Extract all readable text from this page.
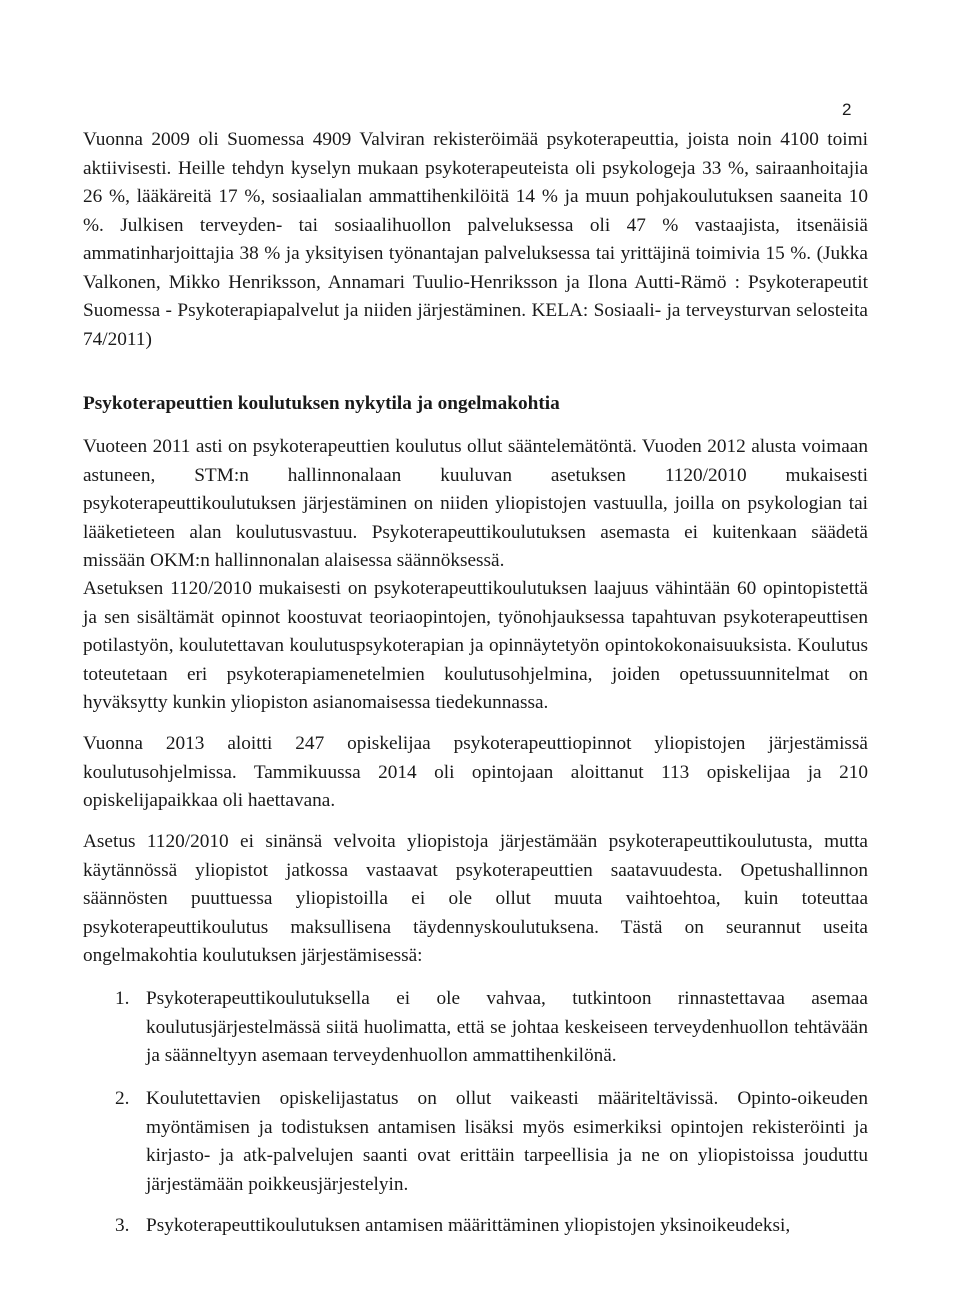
2

Vuonna 2009 oli Suomessa 4909 Valviran rekisteröimää psykoterapeuttia, joista noin 4100 toimi aktiivisesti. Heille tehdyn kyselyn mukaan psykoterapeuteista oli psykologeja 33 %, sairaanhoitajia 26 %, lääkäreitä 17 %, sosiaalialan ammattihenkilöitä 14 % ja muun pohjakoulutuksen saaneita 10 %. Julkisen terveyden- tai sosiaalihuollon palveluksessa oli 47 % vastaajista, itsenäisiä ammatinharjoittajia 38 % ja yksityisen työnantajan palveluksessa tai yrittäjinä toimivia 15 %. (Jukka Valkonen, Mikko Henriksson, Annamari Tuulio-Henriksson ja Ilona Autti-Rämö : Psykoterapeutit Suomessa - Psykoterapiapalvelut ja niiden järjestäminen. KELA: Sosiaali- ja terveysturvan selosteita 74/2011)

Psykoterapeuttien koulutuksen nykytila ja ongelmakohtia

Vuoteen 2011 asti on psykoterapeuttien koulutus ollut sääntelemätöntä. Vuoden 2012 alusta voimaan astuneen, STM:n hallinnonalaan kuuluvan asetuksen 1120/2010 mukaisesti psykoterapeuttikoulutuksen järjestäminen on niiden yliopistojen vastuulla, joilla on psykologian tai lääketieteen alan koulutusvastuu. Psykoterapeuttikoulutuksen asemasta ei kuitenkaan säädetä missään OKM:n hallinnonalan alaisessa säännöksessä.

Asetuksen 1120/2010 mukaisesti on psykoterapeuttikoulutuksen laajuus vähintään 60 opintopistettä ja sen sisältämät opinnot koostuvat teoriaopintojen, työnohjauksessa tapahtuvan psykoterapeuttisen potilastyön, koulutettavan koulutuspsykoterapian ja opinnäytetyön opintokokonaisuuksista. Koulutus toteutetaan eri psykoterapiamenetelmien koulutusohjelmina, joiden opetussuunnitelmat on hyväksytty kunkin yliopiston asianomaisessa tiedekunnassa.

Vuonna 2013 aloitti 247 opiskelijaa psykoterapeuttiopinnot yliopistojen järjestämissä koulutusohjelmissa. Tammikuussa 2014 oli opintojaan aloittanut 113 opiskelijaa ja 210 opiskelijapaikkaa oli haettavana.

Asetus 1120/2010 ei sinänsä velvoita yliopistoja järjestämään psykoterapeuttikoulutusta, mutta käytännössä yliopistot jatkossa vastaavat psykoterapeuttien saatavuudesta. Opetushallinnon säännösten puuttuessa yliopistoilla ei ole ollut muuta vaihtoehtoa, kuin toteuttaa psykoterapeuttikoulutus maksullisena täydennyskoulutuksena. Tästä on seurannut useita ongelmakohtia koulutuksen järjestämisessä:

1. Psykoterapeuttikoulutuksella ei ole vahvaa, tutkintoon rinnastettavaa asemaa koulutusjärjestelmässä siitä huolimatta, että se johtaa keskeiseen terveydenhuollon tehtävään ja säänneltyyn asemaan terveydenhuollon ammattihenkilönä.
2. Koulutettavien opiskelijastatus on ollut vaikeasti määriteltävissä. Opinto-oikeuden myöntämisen ja todistuksen antamisen lisäksi myös esimerkiksi opintojen rekisteröinti ja kirjasto- ja atk-palvelujen saanti ovat erittäin tarpeellisia ja ne on yliopistoissa jouduttu järjestämään poikkeusjärjestelyin.
3. Psykoterapeuttikoulutuksen antamisen määrittäminen yliopistojen yksinoikeudeksi,
